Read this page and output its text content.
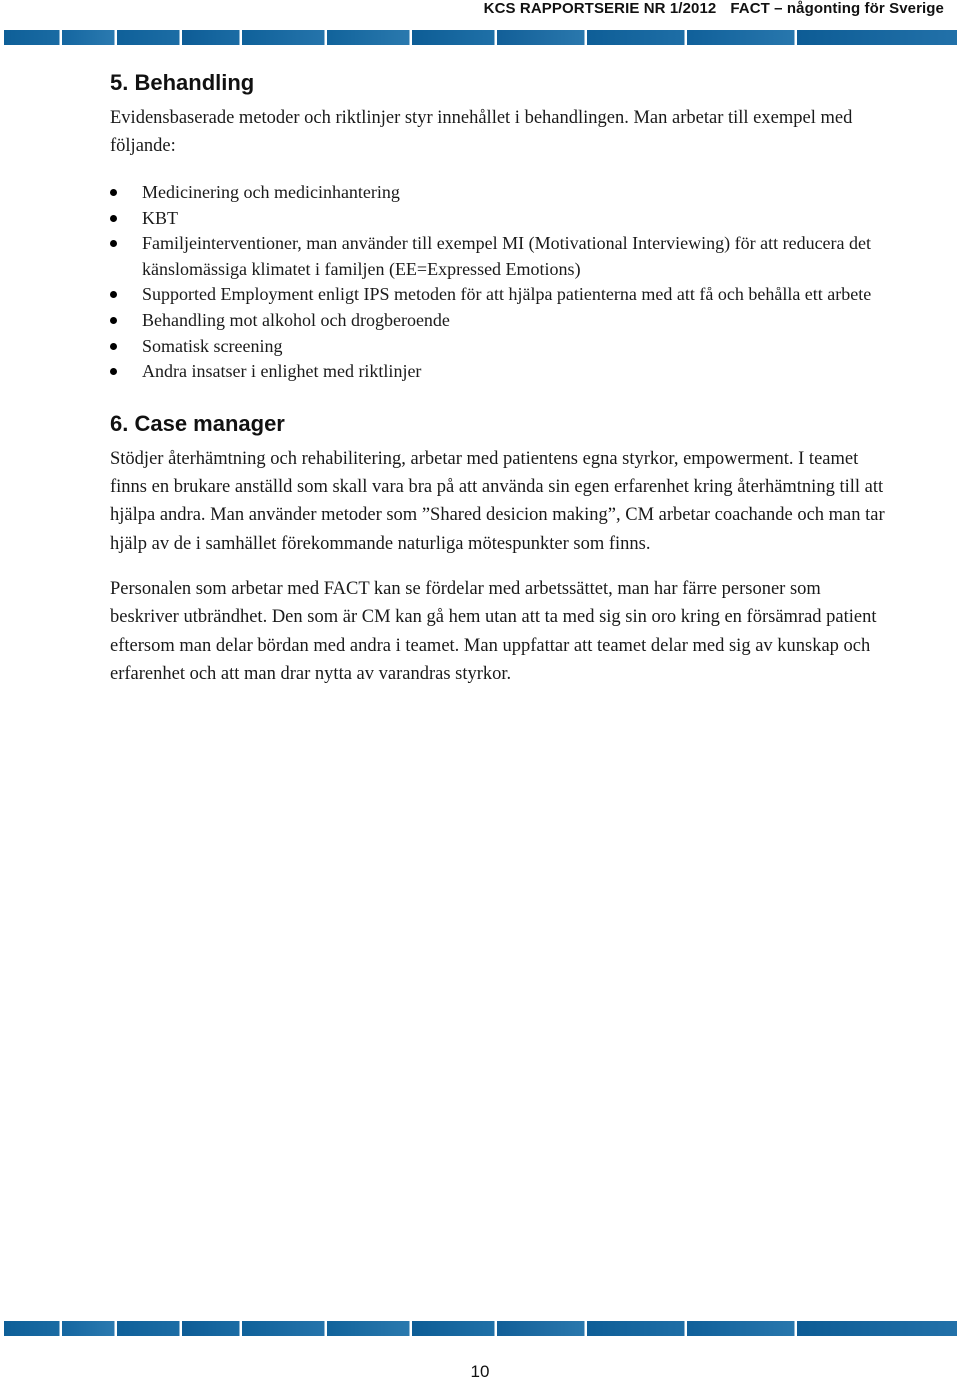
KCS RAPPORTSERIE NR 1/2012 FACT – någonting för Sverige
5. Behandling

Evidensbaserade metoder och riktlinjer styr innehållet i behandlingen. Man arbetar till exempel med följande:

Medicinering och medicinhantering
KBT
Familjeinterventioner, man använder till exempel MI (Motivational Interviewing) för att reducera det känslomässiga klimatet i familjen (EE=Expressed Emotions)
Supported Employment enligt IPS metoden för att hjälpa patienterna med att få och behålla ett arbete
Behandling mot alkohol och drogberoende
Somatisk screening
Andra insatser i enlighet med riktlinjer
6. Case manager

Stödjer återhämtning och rehabilitering, arbetar med patientens egna styrkor, empowerment. I teamet finns en brukare anställd som skall vara bra på att använda sin egen erfarenhet kring återhämtning till att hjälpa andra. Man använder metoder som ”Shared desicion making”, CM arbetar coachande och man tar hjälp av de i samhället förekommande naturliga mötespunkter som finns.

Personalen som arbetar med FACT kan se fördelar med arbetssättet, man har färre personer som beskriver utbrändhet. Den som är CM kan gå hem utan att ta med sig sin oro kring en försämrad patient eftersom man delar bördan med andra i teamet. Man uppfattar att teamet delar med sig av kunskap och erfarenhet och att man drar nytta av varandras styrkor.

10
